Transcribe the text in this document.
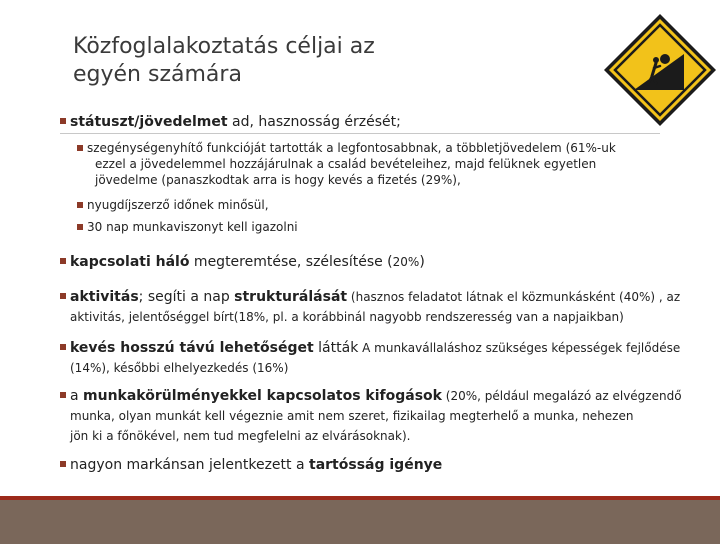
Közfoglalakoztatás céljai az
egyén számára
státuszt/jövedelmet ad, hasznosság érzését;
szegénységenyhítő funkcióját tartották a legfontosabbnak, a többletjövedelem (61%-uk
ezzel a jövedelemmel hozzájárulnak a család bevételeihez, majd felüknek egyetlen
jövedelme (panaszkodtak arra is hogy kevés a fizetés (29%),
nyugdíjszerző időnek minősül,
30 nap munkaviszonyt kell igazolni
kapcsolati háló megteremtése, szélesítése (20%)
aktivitás; segíti a nap strukturálását (hasznos feladatot látnak el közmunkásként (40%) , az
aktivitás, jelentőséggel bírt(18%, pl. a korábbinál nagyobb rendszeresség van a napjaikban)
kevés hosszú távú lehetőséget látták A munkavállaláshoz szükséges képességek fejlődése
(14%), későbbi elhelyezkedés (16%)
a munkakörülményekkel kapcsolatos kifogások (20%, például megalázó az elvégzendő
munka, olyan munkát kell végeznie amit nem szeret, fizikailag megterhelő a munka, nehezen
jön ki a főnökével, nem tud megfelelni az elvárásoknak).
nagyon markánsan jelentkezett a tartósság igénye
